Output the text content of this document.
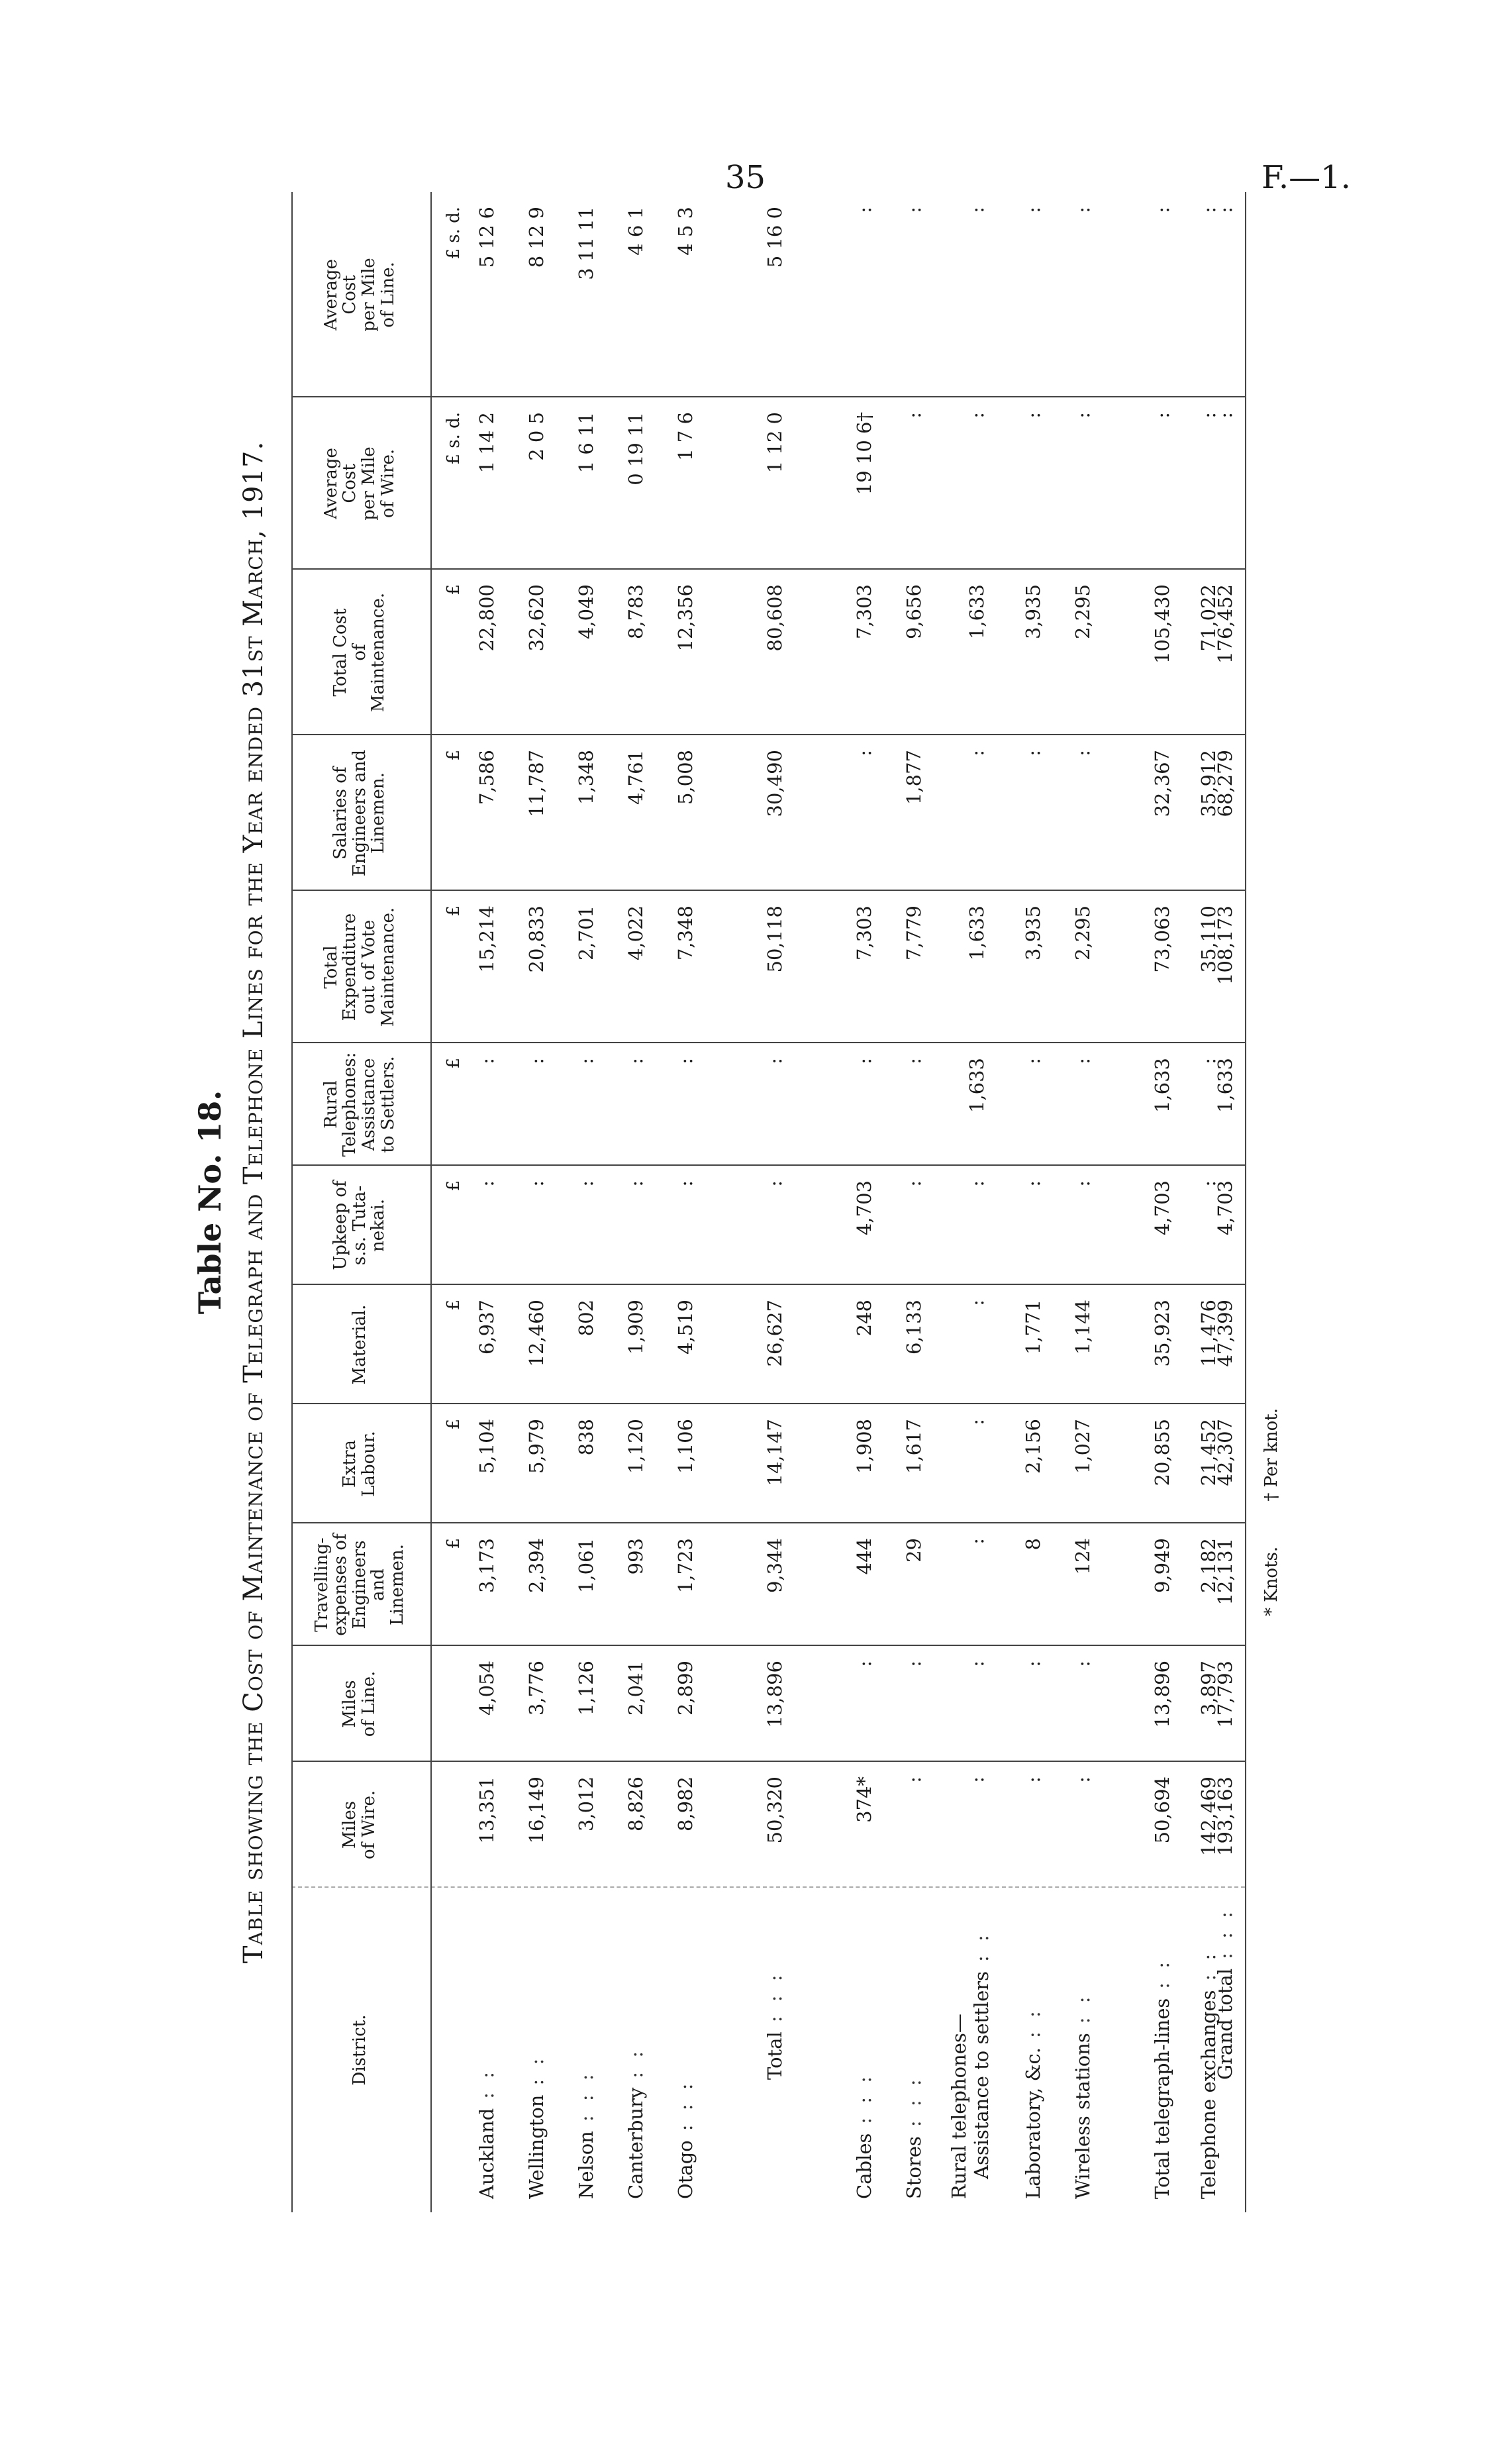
35	F.—1.
Table No. 18. Table showing the Cost of Maintenance of Telegraph and Telephone Lines for the Year ended 31st March, 1917.
District.
Miles
of Wire.
Miles
of Line.
Travelling-
expenses of
Engineers
and
Linemen.
Extra
Labour.
Material.
Upkeep of
s.s. Tuta-
nekai.
Rural
Telephones:
Assistance
to Settlers.
Total
Expenditure
out of Vote
Maintenance.
Salaries of
Engineers and
Linemen.
Total Cost
of
Maintenance.
Average
Cost
per Mile
of Wire.
Average
Cost
per Mile
of Line.
£
£
£
£
£
£
£
£
£ s. d.
£ s. d.
Auckland
: :
13,351
4,054
3,173
5,104
6,937
:
:
15,214
7,586
22,800
1 14 2
5 12 6
Wellington
: :
16,149
3,776
2,394
5,979
12,460
:
:
20,833
11,787
32,620
2 0 5
8 12 9
Nelson
: : :
3,012
1,126
1,061
838
802
:
:
2,701
1,348
4,049
1 6 11
3 11 11
Canterbury
: :
8,826
2,041
993
1,120
1,909
:
:
4,022
4,761
8,783
0 19 11
4 6 1
Otago
: : :
8,982
2,899
1,723
1,106
4,519
:
:
7,348
5,008
12,356
1 7 6
4 5 3
Total
: : :
50,320
13,896
9,344
14,147
26,627
:
:
50,118
30,490
80,608
1 12 0
5 16 0
Cables
: : :
374*
:
444
1,908
248
4,703
:
7,303
:
7,303
19 10 6†
:
Stores
: : :
:
:
29
1,617
6,133
:
:
7,779
1,877
9,656
:
:
Rural telephones— Assistance to settlers: :
:
:
:
:
:
:
1,633
1,633
:
1,633
:
:
Laboratory, &c.
: :
:
:
8
2,156
1,771
:
:
3,935
:
3,935
:
:
Wireless stations
: :
:
:
124
1,027
1,144
:
:
2,295
:
2,295
:
:
Total telegraph-lines
: :
50,694
13,896
9,949
20,855
35,923
4,703
1,633
73,063
32,367
105,430
:
:
Telephone exchanges
: :
142,469
3,897
2,182
21,452
11,476
:
:
35,110
35,912
71,022
:
:
Grand total
: : :
193,163
17,793
12,131
42,307
47,399
4,703
1,633
108,173
68,279
176,452
:
:
* Knots. † Per knot.
